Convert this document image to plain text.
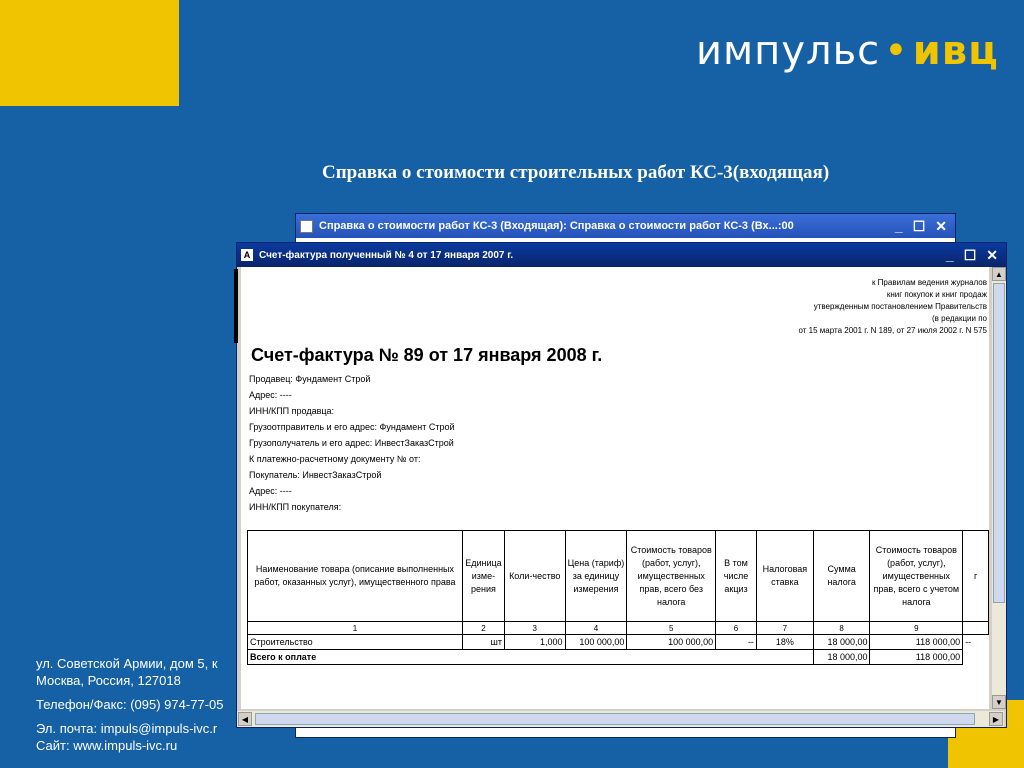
импульс • ивц
Справка о стоимости строительных работ КС-3(входящая)
ул. Советской Армии, дом 5, к
Москва, Россия, 127018
Телефон/Факс: (095) 974-77-05
Эл. почта: impuls@impuls-ivc.r
Сайт: www.impuls-ivc.ru
Справка о стоимости работ КС-3 (Входящая): Справка о стоимости работ КС-3 (Вх...:00	_ ☐ ✕
A Счет-фактура полученный № 4 от 17 января 2007 г.	_ ☐ ✕
к Правилам ведения журналов
книг покупок и книг продаж
утвержденным постановлением Правительств
(в редакции по
от 15 марта 2001 г. N 189, от 27 июля 2002 г. N 575
Счет-фактура № 89 от 17 января 2008 г.
Продавец: Фундамент Строй
Адрес: ----
ИНН/КПП продавца:
Грузоотправитель и его адрес: Фундамент Строй
Грузополучатель и его адрес: ИнвестЗаказСтрой
К платежно-расчетному документу № от:
Покупатель: ИнвестЗаказСтрой
Адрес: ----
ИНН/КПП покупателя:
Наименование товара (описание выполненных работ, оказанных услуг), имущественного права	Единица изме-рения	Коли-чество	Цена (тариф) за единицу измерения	Стоимость товаров (работ, услуг), имущественных прав, всего без налога	В том числе акциз	Налоговая ставка	Сумма налога	Стоимость товаров (работ, услуг), имущественных прав, всего с учетом налога	г
1	2	3	4	5	6	7	8	9	
Строительство	шт	1,000	100 000,00	100 000,00	--	18%	18 000,00	118 000,00	--
Всего к оплате							18 000,00	118 000,00	

▲
▼
◀	▶
